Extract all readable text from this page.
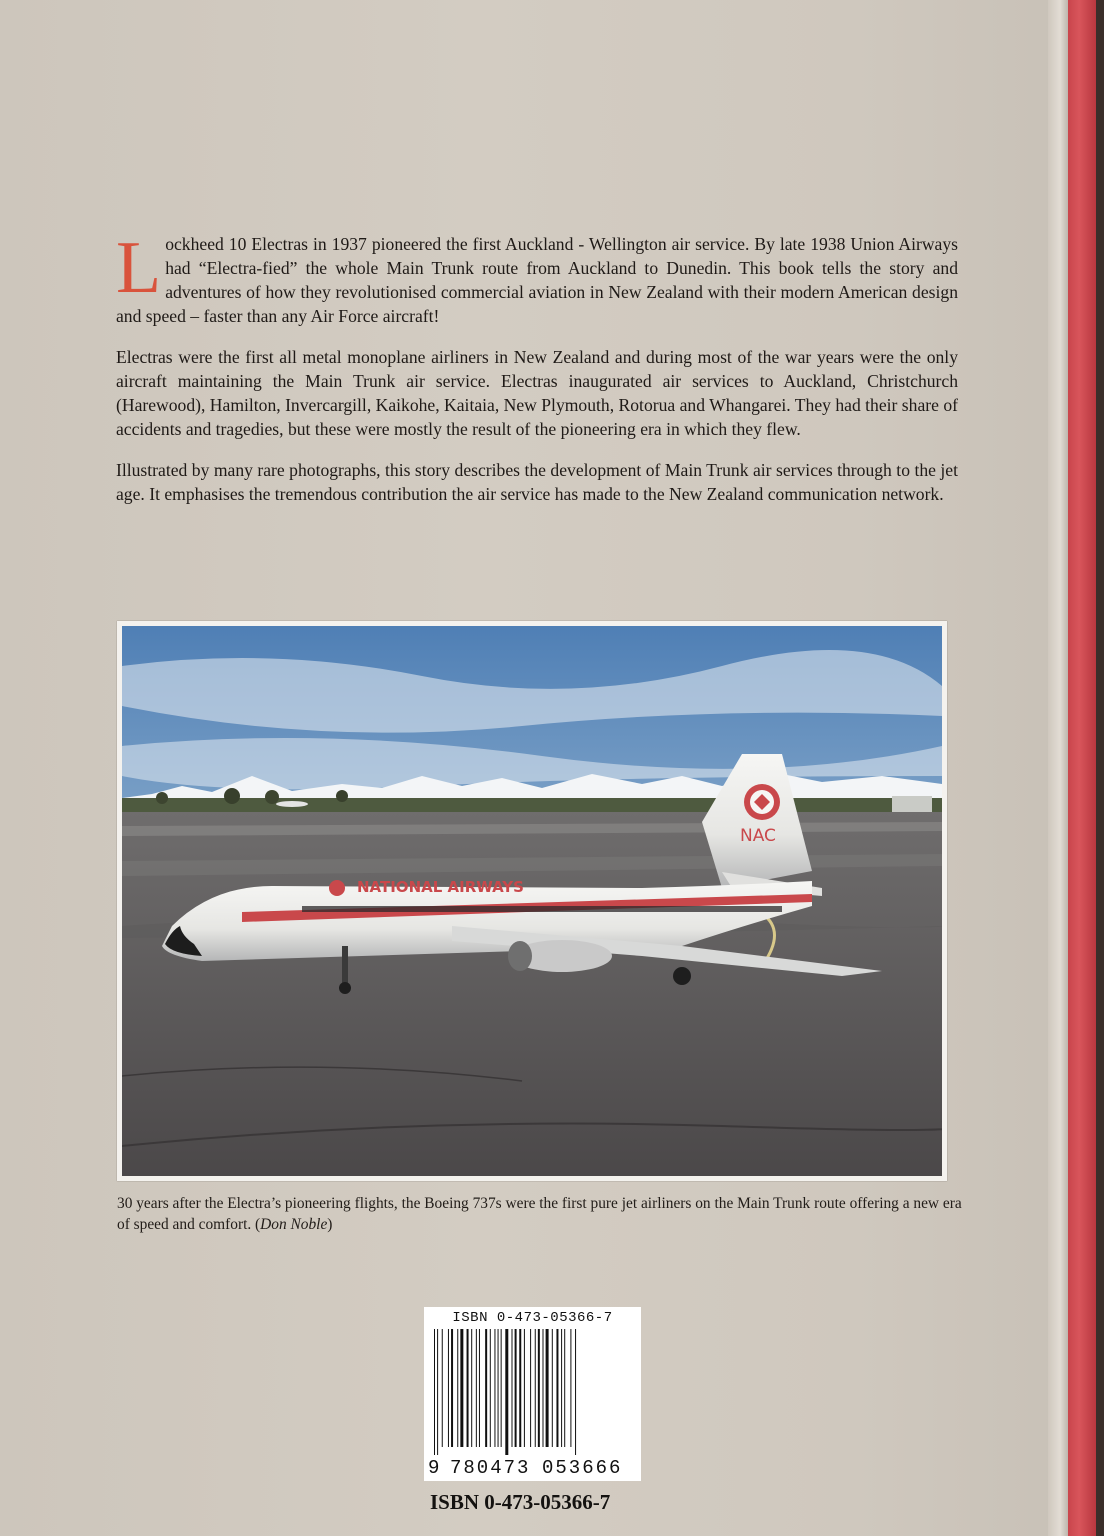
Lockheed 10 Electras in 1937 pioneered the first Auckland - Wellington air service. By late 1938 Union Airways had “Electra-fied” the whole Main Trunk route from Auckland to Dunedin. This book tells the story and adventures of how they revolutionised commercial aviation in New Zealand with their modern American design and speed – faster than any Air Force aircraft!

Electras were the first all metal monoplane airliners in New Zealand and during most of the war years were the only aircraft maintaining the Main Trunk air service. Electras inaugurated air services to Auckland, Christchurch (Harewood), Hamilton, Invercargill, Kaikohe, Kaitaia, New Plymouth, Rotorua and Whangarei. They had their share of accidents and tragedies, but these were mostly the result of the pioneering era in which they flew.

Illustrated by many rare photographs, this story describes the development of Main Trunk air services through to the jet age. It emphasises the tremendous contribution the air service has made to the New Zealand communication network.

NATIONAL AIRWAYS
NAC
30 years after the Electra’s pioneering flights, the Boeing 737s were the first pure jet airliners on the Main Trunk route offering a new era of speed and comfort. (Don Noble)
ISBN 0-473-05366-7
9 780473 053666
ISBN 0-473-05366-7
